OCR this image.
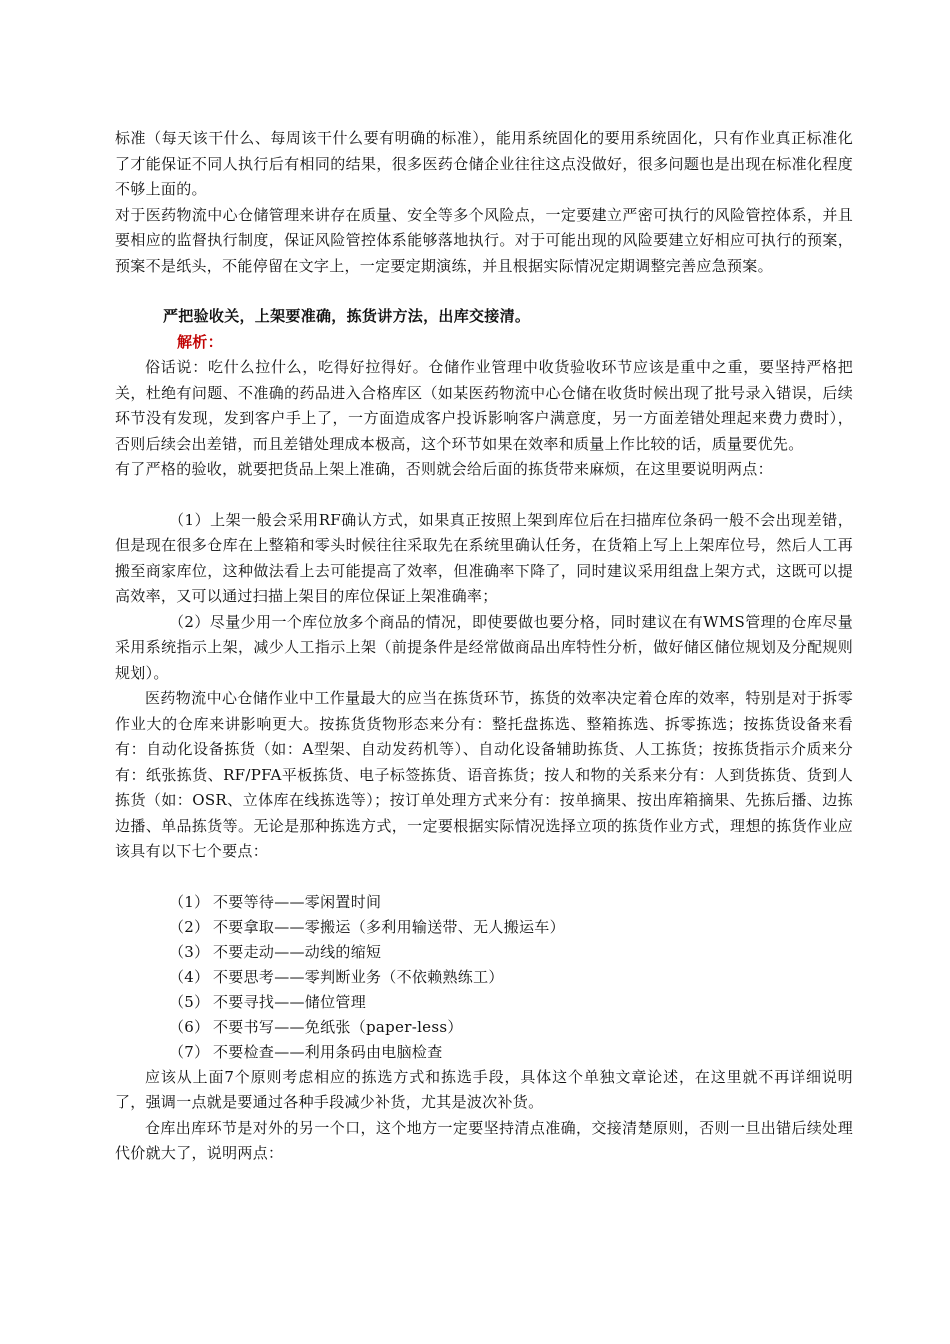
标准（每天该干什么、每周该干什么要有明确的标准），能用系统固化的要用系统固化，只有作业真正标准化了才能保证不同人执行后有相同的结果，很多医药仓储企业往往这点没做好，很多问题也是出现在标准化程度不够上面的。

对于医药物流中心仓储管理来讲存在质量、安全等多个风险点，一定要建立严密可执行的风险管控体系，并且要相应的监督执行制度，保证风险管控体系能够落地执行。对于可能出现的风险要建立好相应可执行的预案，预案不是纸头，不能停留在文字上，一定要定期演练，并且根据实际情况定期调整完善应急预案。

严把验收关，上架要准确，拣货讲方法，出库交接清。

解析：

俗话说：吃什么拉什么，吃得好拉得好。仓储作业管理中收货验收环节应该是重中之重，要坚持严格把关，杜绝有问题、不准确的药品进入合格库区（如某医药物流中心仓储在收货时候出现了批号录入错误，后续环节没有发现，发到客户手上了，一方面造成客户投诉影响客户满意度，另一方面差错处理起来费力费时），否则后续会出差错，而且差错处理成本极高，这个环节如果在效率和质量上作比较的话，质量要优先。

有了严格的验收，就要把货品上架上准确，否则就会给后面的拣货带来麻烦，在这里要说明两点：

（1）上架一般会采用RF确认方式，如果真正按照上架到库位后在扫描库位条码一般不会出现差错，但是现在很多仓库在上整箱和零头时候往往采取先在系统里确认任务，在货箱上写上上架库位号，然后人工再搬至商家库位，这种做法看上去可能提高了效率，但准确率下降了，同时建议采用组盘上架方式，这既可以提高效率，又可以通过扫描上架目的库位保证上架准确率；

（2）尽量少用一个库位放多个商品的情况，即使要做也要分格，同时建议在有WMS管理的仓库尽量采用系统指示上架，减少人工指示上架（前提条件是经常做商品出库特性分析，做好储区储位规划及分配规则规划）。

医药物流中心仓储作业中工作量最大的应当在拣货环节，拣货的效率决定着仓库的效率，特别是对于拆零作业大的仓库来讲影响更大。按拣货货物形态来分有：整托盘拣选、整箱拣选、拆零拣选；按拣货设备来看有：自动化设备拣货（如：A型架、自动发药机等）、自动化设备辅助拣货、人工拣货；按拣货指示介质来分有：纸张拣货、RF/PFA平板拣货、电子标签拣货、语音拣货；按人和物的关系来分有：人到货拣货、货到人拣货（如：OSR、立体库在线拣选等）；按订单处理方式来分有：按单摘果、按出库箱摘果、先拣后播、边拣边播、单品拣货等。无论是那种拣选方式，一定要根据实际情况选择立项的拣货作业方式，理想的拣货作业应该具有以下七个要点：

（1） 不要等待——零闲置时间
（2） 不要拿取——零搬运（多利用输送带、无人搬运车）
（3） 不要走动——动线的缩短
（4） 不要思考——零判断业务（不依赖熟练工）
（5） 不要寻找——储位管理
（6） 不要书写——免纸张（paper-less）
（7） 不要检查——利用条码由电脑检查

应该从上面7个原则考虑相应的拣选方式和拣选手段，具体这个单独文章论述，在这里就不再详细说明了，强调一点就是要通过各种手段减少补货，尤其是波次补货。

仓库出库环节是对外的另一个口，这个地方一定要坚持清点准确，交接清楚原则，否则一旦出错后续处理代价就大了，说明两点：
